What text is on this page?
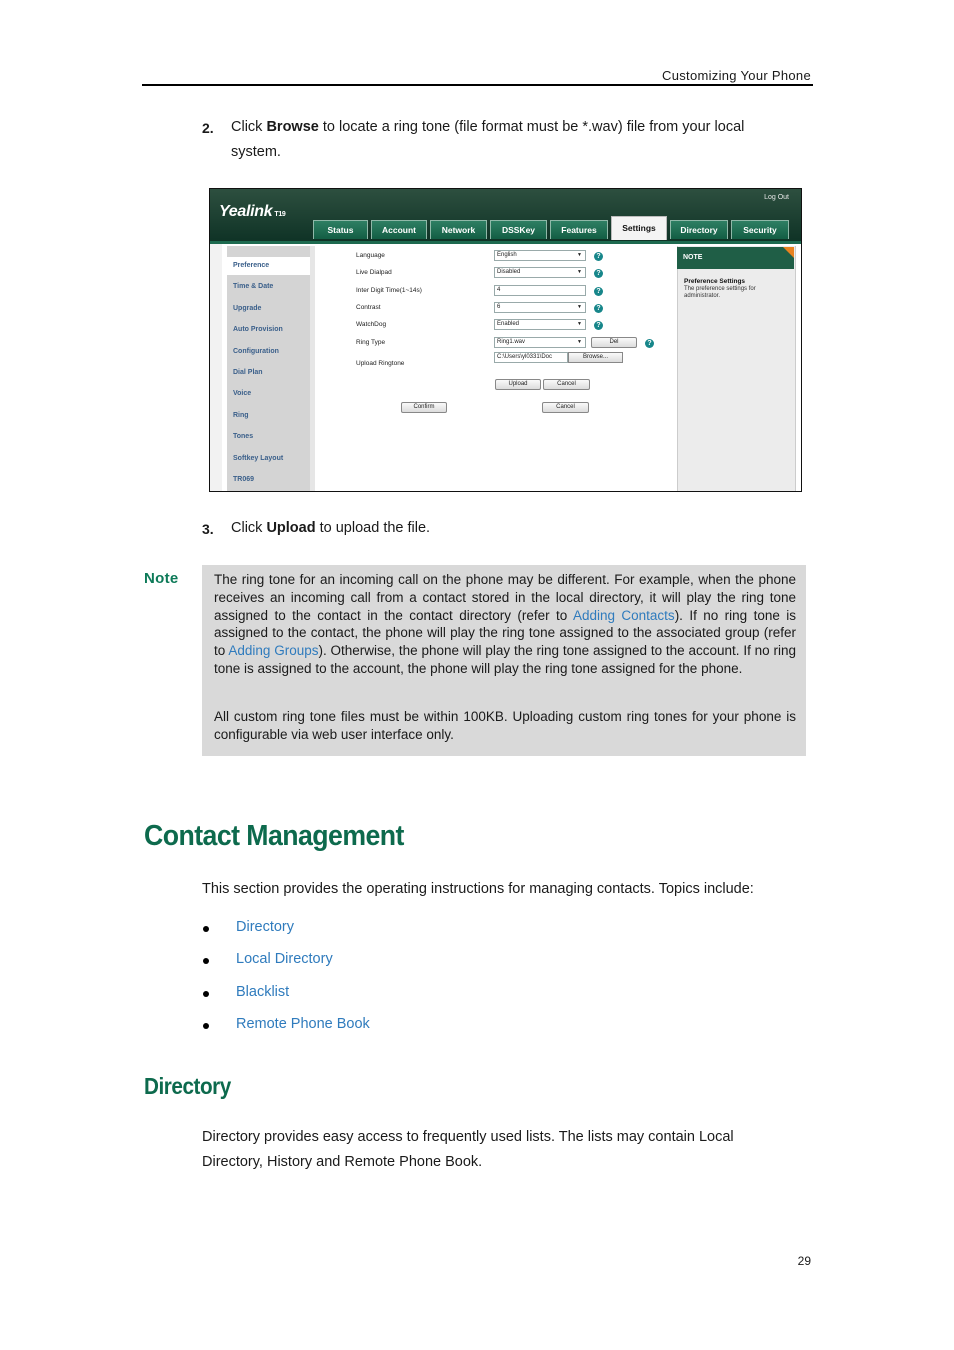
Customizing Your Phone
2. Click Browse to locate a ring tone (file format must be *.wav) file from your local
system.
Yealink T19
Log Out
Status	Account	Network	DSSKey	Features	Settings	Directory	Security
Preference
Time & Date
Upgrade
Auto Provision
Configuration
Dial Plan
Voice
Ring
Tones
Softkey Layout
TR069
Language	English	▼	?
Live Dialpad	Disabled	▼	?
Inter Digit Time(1~14s)	4	?
Contrast	6	▼	?
WatchDog	Enabled	▼	?
Ring Type	Ring1.wav	▼	Del	?
Upload Ringtone
C:\Users\yl0331\Doc	Browse...
Upload	Cancel
Confirm	Cancel
NOTE
Preference Settings
The preference settings for administrator.
3. Click Upload to upload the file.
Note	The ring tone for an incoming call on the phone may be different. For example, when the phone receives an incoming call from a contact stored in the local directory, it will play the ring tone assigned to the contact in the contact directory (refer to Adding Contacts). If no ring tone is assigned to the contact, the phone will play the ring tone assigned to the associated group (refer to Adding Groups). Otherwise, the phone will play the ring tone assigned to the account. If no ring tone is assigned to the account, the phone will play the ring tone assigned for the phone.
All custom ring tone files must be within 100KB. Uploading custom ring tones for your phone is configurable via web user interface only.
Contact Management
This section provides the operating instructions for managing contacts. Topics include:
Directory
Local Directory
Blacklist
Remote Phone Book
Directory
Directory provides easy access to frequently used lists. The lists may contain Local
Directory, History and Remote Phone Book.
29
